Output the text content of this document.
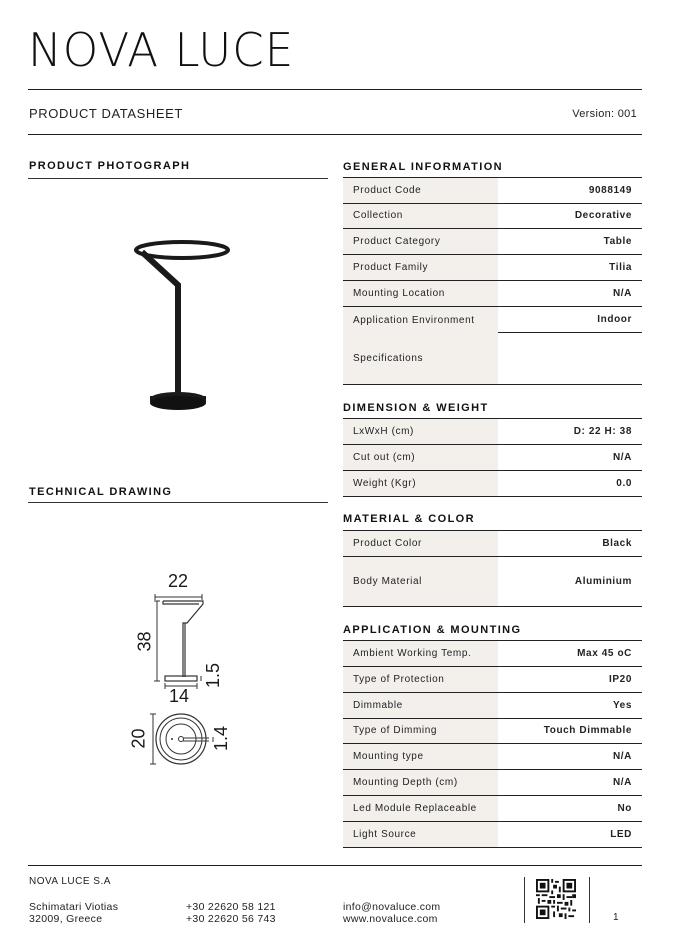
NOVA LUCE
PRODUCT DATASHEET	Version: 001
PRODUCT PHOTOGRAPH
TECHNICAL DRAWING
22
38
1.5
14
20	1.4
GENERAL INFORMATION
Product Code	9088149
Collection	Decorative
Product Category	Table
Product Family	Tilia
Mounting Location	N/A
Application Environment	Indoor
Specifications
DIMENSION & WEIGHT
LxWxH (cm)	D: 22 H: 38
Cut out (cm)	N/A
Weight (Kgr)	0.0
MATERIAL & COLOR
Product Color	Black
Body Material	Aluminium
APPLICATION & MOUNTING
Ambient Working Temp.	Max 45 oC
Type of Protection	IP20
Dimmable	Yes
Type of Dimming	Touch Dimmable
Mounting type	N/A
Mounting Depth (cm)	N/A
Led Module Replaceable	No
Light Source	LED
NOVA LUCE S.A
Schimatari Viotias
32009, Greece
+30 22620 58 121
+30 22620 56 743
info@novaluce.com
www.novaluce.com	1
